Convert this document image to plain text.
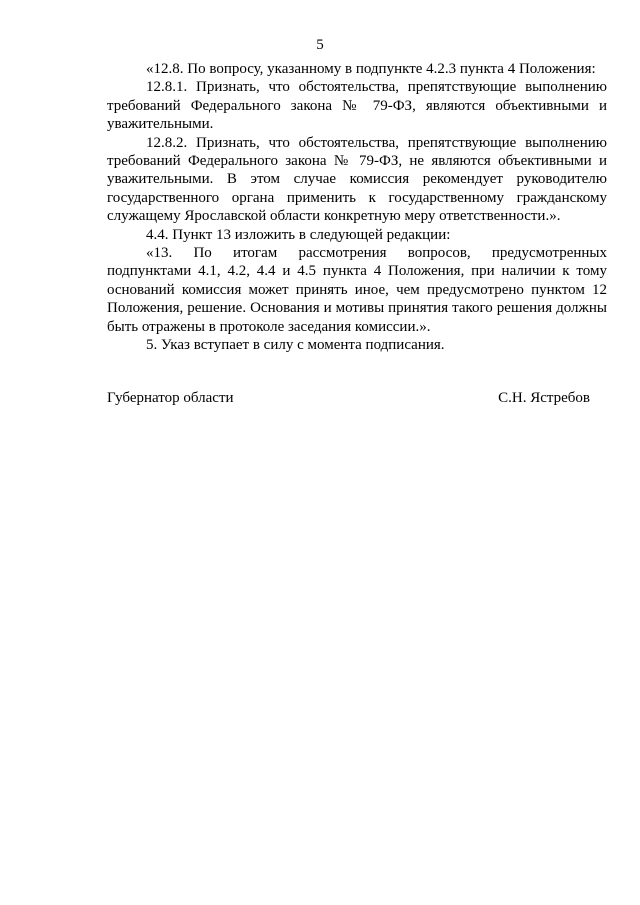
5

«12.8. По вопросу, указанному в подпункте 4.2.3 пункта 4 Положения:

12.8.1. Признать, что обстоятельства, препятствующие выполнению требований Федерального закона № 79-ФЗ, являются объективными и уважительными.

12.8.2. Признать, что обстоятельства, препятствующие выполнению требований Федерального закона № 79-ФЗ, не являются объективными и уважительными. В этом случае комиссия рекомендует руководителю государственного органа применить к государственному гражданскому служащему Ярославской области конкретную меру ответственности.».

4.4. Пункт 13 изложить в следующей редакции:

«13. По итогам рассмотрения вопросов, предусмотренных подпунктами 4.1, 4.2, 4.4 и 4.5 пункта 4 Положения, при наличии к тому оснований комиссия может принять иное, чем предусмотрено пунктом 12 Положения, решение. Основания и мотивы принятия такого решения должны быть отражены в протоколе заседания комиссии.».

5. Указ вступает в силу с момента подписания.

Губернатор области	С.Н. Ястребов
